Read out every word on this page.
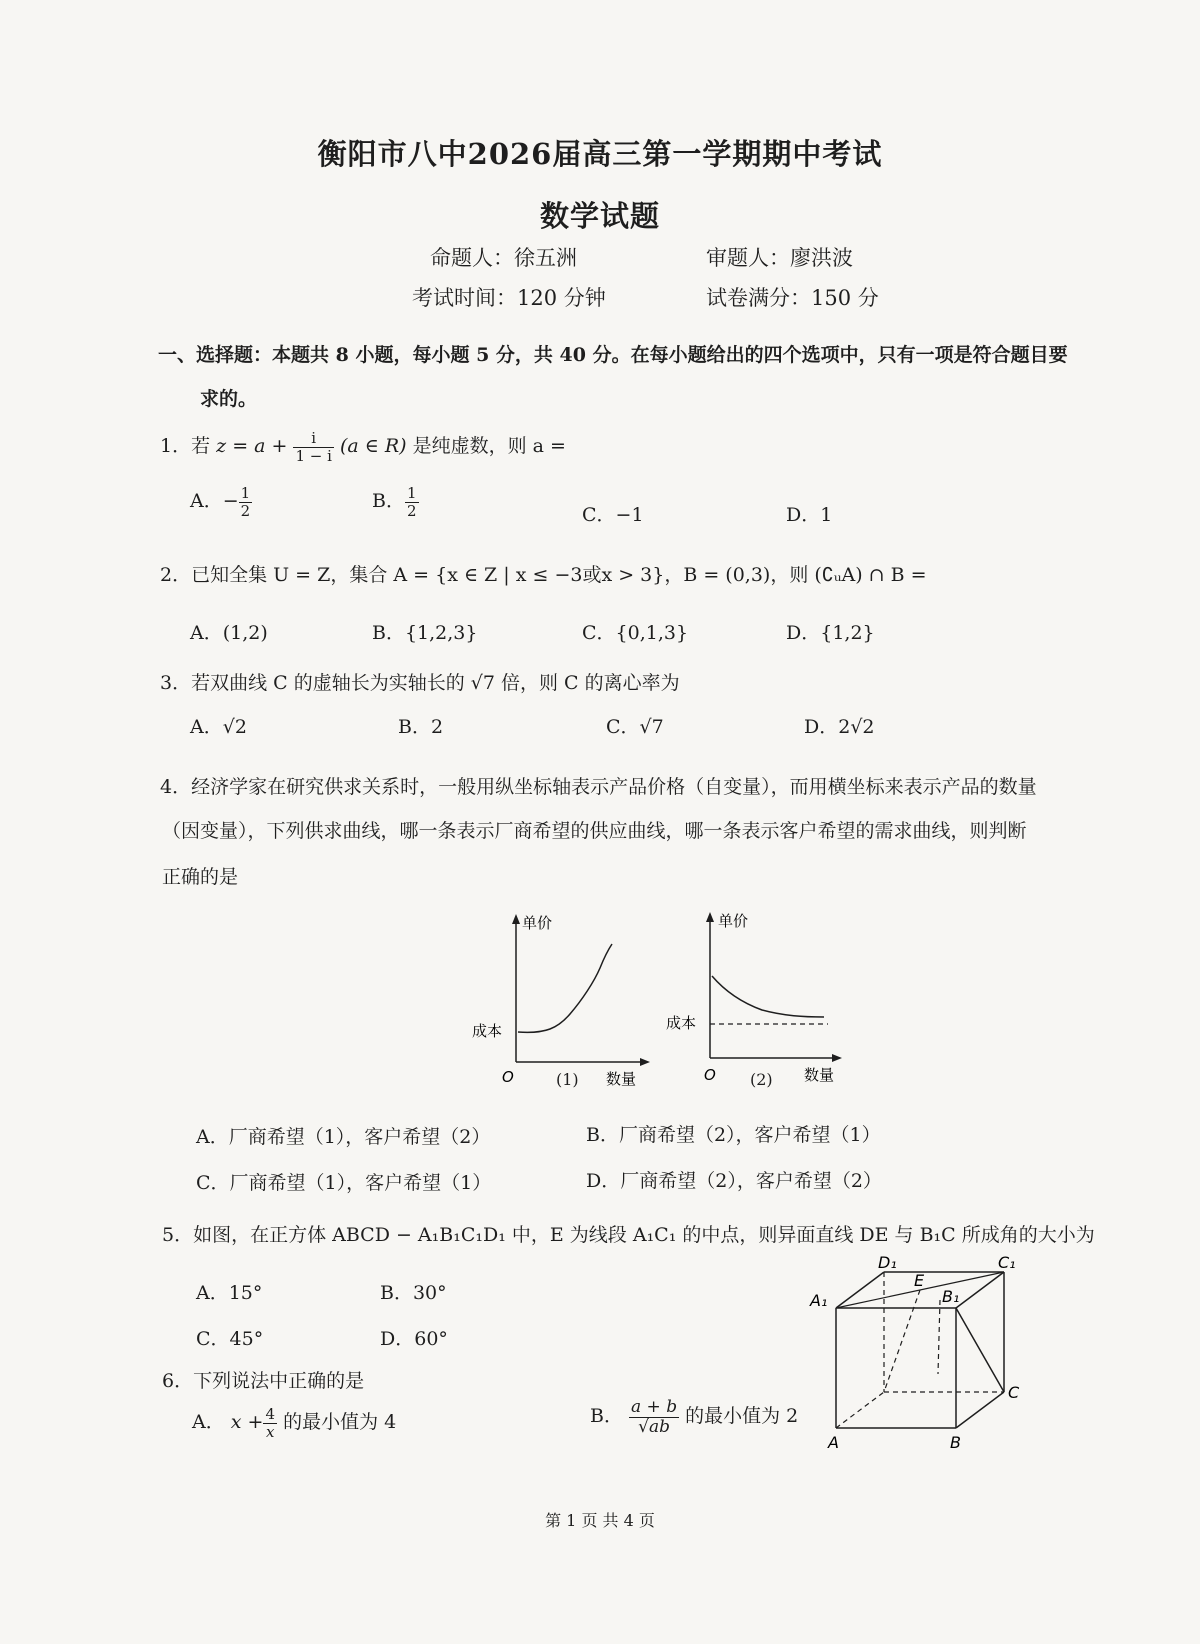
衡阳市八中2026届高三第一学期期中考试
数学试题
命题人：徐五洲	审题人：廖洪波
考试时间：120 分钟	试卷满分：150 分
一、选择题：本题共 8 小题，每小题 5 分，共 40 分。在每小题给出的四个选项中，只有一项是符合题目要
求的。
1．若 $z = a + \frac{i}{1 - i} (a$ ∈ R) 是纯虚数，则 a =
A．− $\frac{1}{2}$	B． $\frac{1}{2}$	C．−1	D．1
2．已知全集 U = Z，集合 A = {x ∈ Z | x ≤ −3或x > 3}，B = (0,3)，则 (∁ᵤA) ∩ B =
A．(1,2)	B．{1,2,3}	C．{0,1,3}	D．{1,2}
3．若双曲线 C 的虚轴长为实轴长的 √7 倍，则 C 的离心率为
A．√2	B．2	C．√7	D．2√2
4．经济学家在研究供求关系时，一般用纵坐标轴表示产品价格（自变量），而用横坐标来表示产品的数量
（因变量），下列供求曲线，哪一条表示厂商希望的供应曲线，哪一条表示客户希望的需求曲线，则判断
正确的是
单价
成本
O	数量
(1)
单价
成本
O	数量
(2)
A．厂商希望（1），客户希望（2）	B．厂商希望（2），客户希望（1）
C．厂商希望（1），客户希望（1）	D．厂商希望（2），客户希望（2）
5．如图，在正方体 ABCD − A₁B₁C₁D₁ 中，E 为线段 A₁C₁ 的中点，则异面直线 DE 与 B₁C 所成角的大小为
A．15°	B．30°
C．45°	D．60°
D₁	C₁
A₁	B₁
E
C
A	B
6．下列说法中正确的是
A． $x + \frac{4}{x}$ 的最小值为 4	B． $\frac{a + b}{√ab}$ 的最小值为 2
第 1 页 共 4 页
